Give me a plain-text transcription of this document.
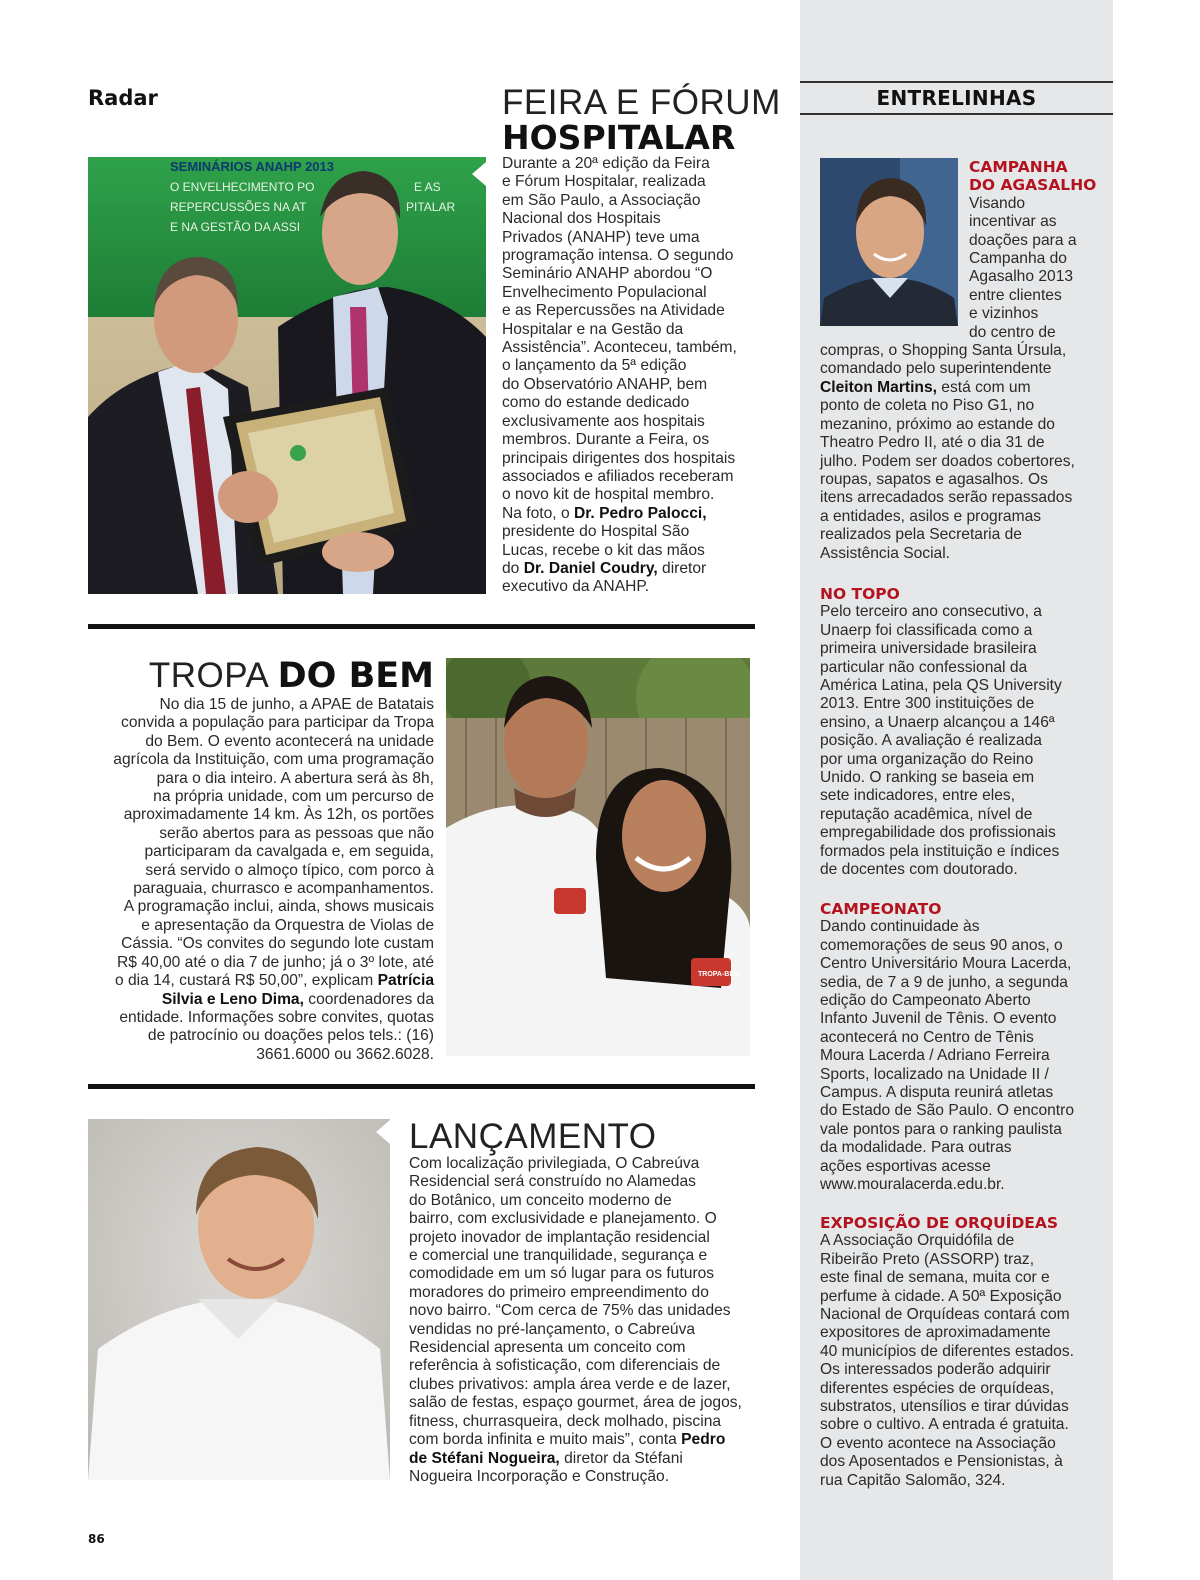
Radar
SEMINÁRIOS ANAHP 2013
O ENVELHECIMENTO PO
REPERCUSSÕES NA AT
E NA GESTÃO DA ASSI
E AS
PITALAR
FEIRA E FÓRUM
HOSPITALAR
Durante a 20ª edição da Feira
e Fórum Hospitalar, realizada
em São Paulo, a Associação
Nacional dos Hospitais
Privados (ANAHP) teve uma
programação intensa. O segundo
Seminário ANAHP abordou “O
Envelhecimento Populacional
e as Repercussões na Atividade
Hospitalar e na Gestão da
Assistência”. Aconteceu, também,
o lançamento da 5ª edição
do Observatório ANAHP, bem
como do estande dedicado
exclusivamente aos hospitais
membros. Durante a Feira, os
principais dirigentes dos hospitais
associados e afiliados receberam
o novo kit de hospital membro.
Na foto, o Dr. Pedro Palocci,
presidente do Hospital São
Lucas, recebe o kit das mãos
do Dr. Daniel Coudry, diretor
executivo da ANAHP.
TROPA DO BEM
No dia 15 de junho, a APAE de Batatais
convida a população para participar da Tropa
do Bem. O evento acontecerá na unidade
agrícola da Instituição, com uma programação
para o dia inteiro. A abertura será às 8h,
na própria unidade, com um percurso de
aproximadamente 14 km. Às 12h, os portões
serão abertos para as pessoas que não
participaram da cavalgada e, em seguida,
será servido o almoço típico, com porco à
paraguaia, churrasco e acompanhamentos.
A programação inclui, ainda, shows musicais
e apresentação da Orquestra de Violas de
Cássia. “Os convites do segundo lote custam
R$ 40,00 até o dia 7 de junho; já o 3º lote, até
o dia 14, custará R$ 50,00”, explicam Patrícia
Silvia e Leno Dima, coordenadores da
entidade. Informações sobre convites, quotas
de patrocínio ou doações pelos tels.: (16)
3661.6000 ou 3662.6028.
TROPA-BEM
LANÇAMENTO
Com localização privilegiada, O Cabreúva
Residencial será construído no Alamedas
do Botânico, um conceito moderno de
bairro, com exclusividade e planejamento. O
projeto inovador de implantação residencial
e comercial une tranquilidade, segurança e
comodidade em um só lugar para os futuros
moradores do primeiro empreendimento do
novo bairro. “Com cerca de 75% das unidades
vendidas no pré-lançamento, o Cabreúva
Residencial apresenta um conceito com
referência à sofisticação, com diferenciais de
clubes privativos: ampla área verde e de lazer,
salão de festas, espaço gourmet, área de jogos,
fitness, churrasqueira, deck molhado, piscina
com borda infinita e muito mais”, conta Pedro
de Stéfani Nogueira, diretor da Stéfani
Nogueira Incorporação e Construção.
86
ENTRELINHAS
CAMPANHA
DO AGASALHO
Visando
incentivar as
doações para a
Campanha do
Agasalho 2013
entre clientes
e vizinhos
do centro de
compras, o Shopping Santa Úrsula,
comandado pelo superintendente
Cleiton Martins, está com um
ponto de coleta no Piso G1, no
mezanino, próximo ao estande do
Theatro Pedro II, até o dia 31 de
julho. Podem ser doados cobertores,
roupas, sapatos e agasalhos. Os
itens arrecadados serão repassados
a entidades, asilos e programas
realizados pela Secretaria de
Assistência Social.
NO TOPO
Pelo terceiro ano consecutivo, a
Unaerp foi classificada como a
primeira universidade brasileira
particular não confessional da
América Latina, pela QS University
2013. Entre 300 instituições de
ensino, a Unaerp alcançou a 146ª
posição. A avaliação é realizada
por uma organização do Reino
Unido. O ranking se baseia em
sete indicadores, entre eles,
reputação acadêmica, nível de
empregabilidade dos profissionais
formados pela instituição e índices
de docentes com doutorado.
CAMPEONATO
Dando continuidade às
comemorações de seus 90 anos, o
Centro Universitário Moura Lacerda,
sedia, de 7 a 9 de junho, a segunda
edição do Campeonato Aberto
Infanto Juvenil de Tênis. O evento
acontecerá no Centro de Tênis
Moura Lacerda / Adriano Ferreira
Sports, localizado na Unidade II /
Campus. A disputa reunirá atletas
do Estado de São Paulo. O encontro
vale pontos para o ranking paulista
da modalidade. Para outras
ações esportivas acesse
www.mouralacerda.edu.br.
EXPOSIÇÃO DE ORQUÍDEAS
A Associação Orquidófila de
Ribeirão Preto (ASSORP) traz,
este final de semana, muita cor e
perfume à cidade. A 50ª Exposição
Nacional de Orquídeas contará com
expositores de aproximadamente
40 municípios de diferentes estados.
Os interessados poderão adquirir
diferentes espécies de orquídeas,
substratos, utensílios e tirar dúvidas
sobre o cultivo. A entrada é gratuita.
O evento acontece na Associação
dos Aposentados e Pensionistas, à
rua Capitão Salomão, 324.
